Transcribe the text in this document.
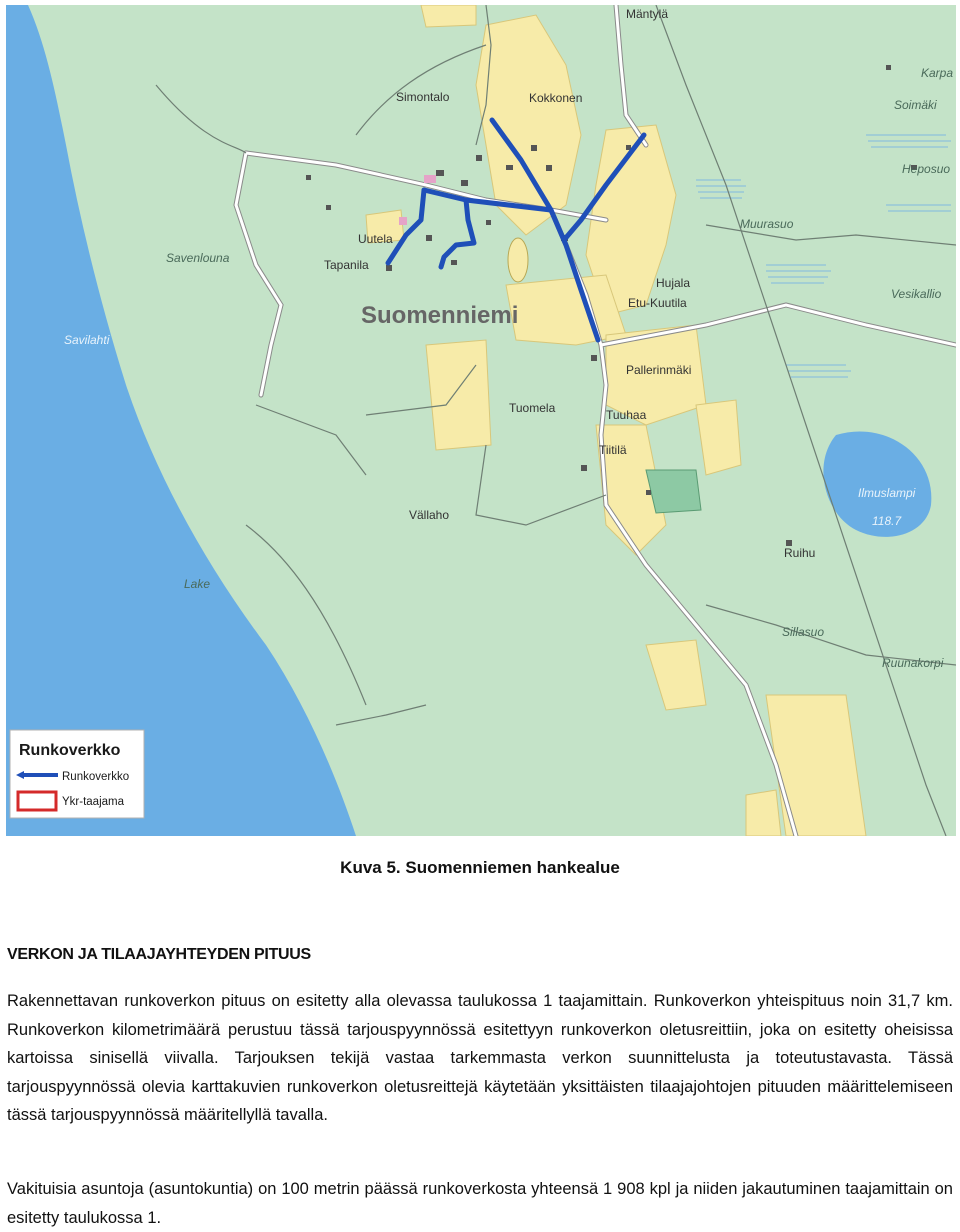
Mäntylä
Karpa
Soimäki
Simontalo	Kokkonen
Heposuo
Muurasuo
Uutela
Tapanila
Savenlouna
Suomenniemi
Hujala
Etu-Kuutila
Vesikallio
Savilahti
Pallerinmäki
Tuomela	Tuuhaa
Tiitilä
Ilmuslampi
118.7
Vällaho
Ruihu
Lake
Sillasuo
Ruunakorpi
Runkoverkko
Runkoverkko
Ykr-taajama
Kuva 5. Suomenniemen hankealue
VERKON JA TILAAJAYHTEYDEN PITUUS

Rakennettavan runkoverkon pituus on esitetty alla olevassa taulukossa 1 taajamittain. Runkoverkon yhteispituus noin 31,7 km. Runkoverkon kilometrimäärä perustuu tässä tarjouspyynnössä esitettyyn runkoverkon oletusreittiin, joka on esitetty oheisissa kartoissa sinisellä viivalla. Tarjouksen tekijä vastaa tarkemmasta verkon suunnittelusta ja toteutustavasta. Tässä tarjouspyynnössä olevia karttakuvien runkoverkon oletusreittejä käytetään yksittäisten tilaajajohtojen pituuden määrittelemiseen tässä tarjouspyynnössä määritellyllä tavalla.

Vakituisia asuntoja (asuntokuntia) on 100 metrin päässä runkoverkosta yhteensä 1 908 kpl ja niiden jakautuminen taajamittain on esitetty taulukossa 1.
